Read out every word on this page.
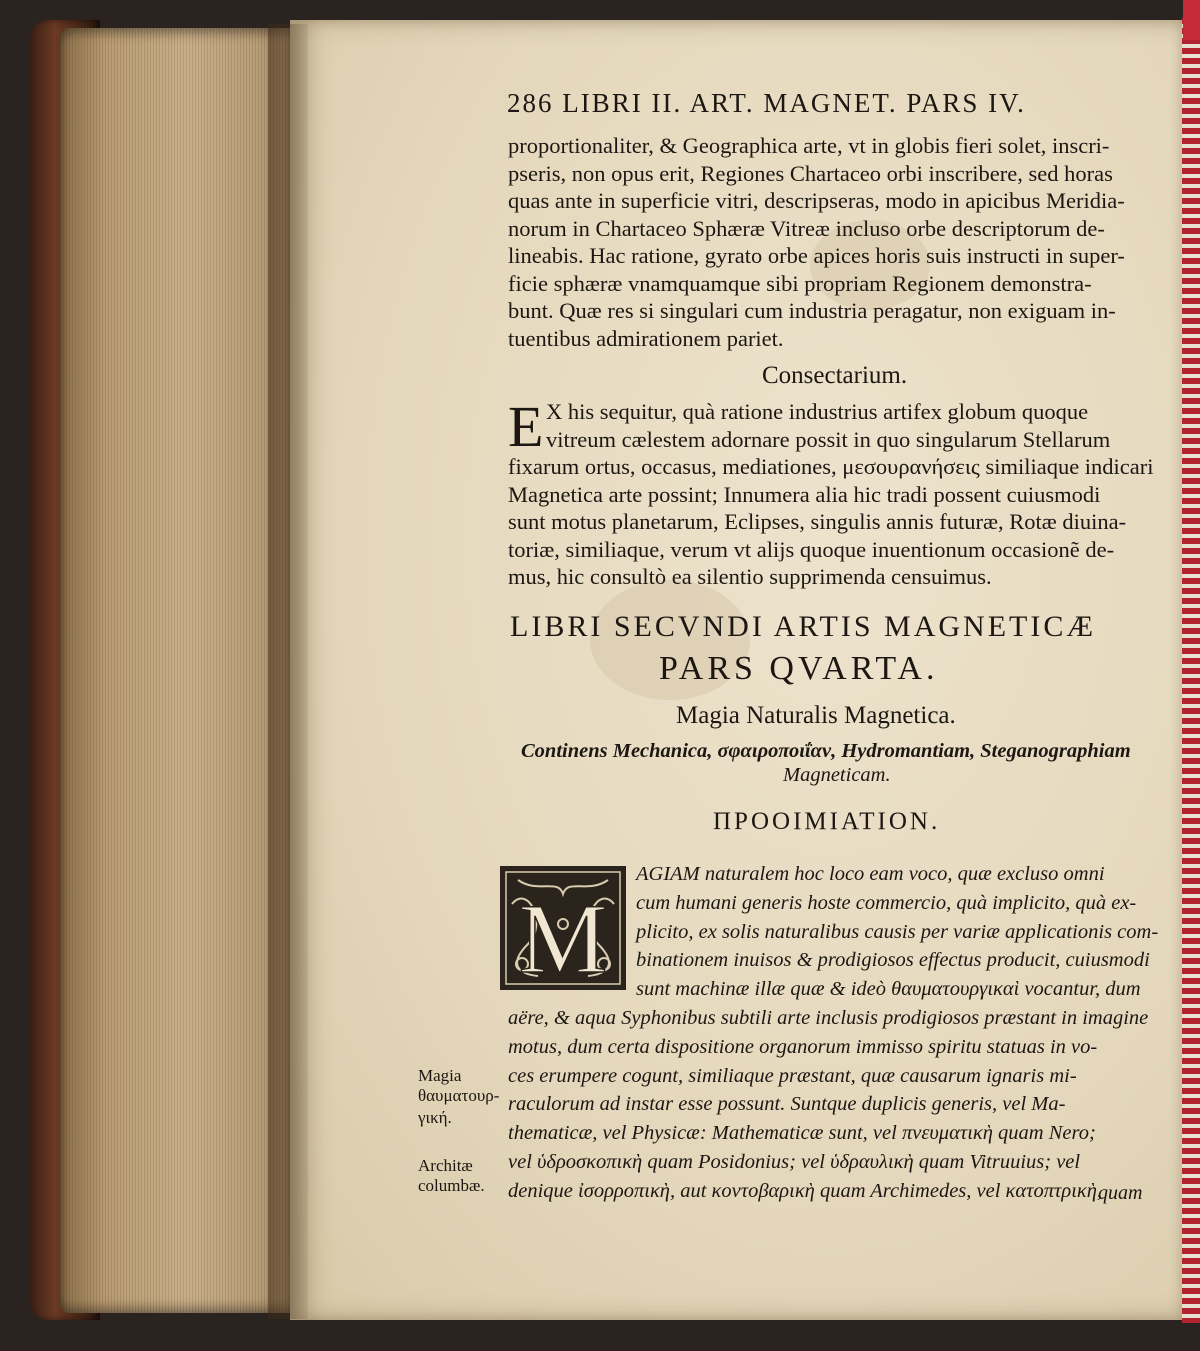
286 LIBRI II. ART. MAGNET. PARS IV.
proportionaliter, & Geographica arte, vt in globis fieri solet, inscri-
pseris, non opus erit, Regiones Chartaceo orbi inscribere, sed horas
quas ante in superficie vitri, descripseras, modo in apicibus Meridia-
norum in Chartaceo Sphæræ Vitreæ incluso orbe descriptorum de-
lineabis. Hac ratione, gyrato orbe apices horis suis instructi in super-
ficie sphæræ vnamquamque sibi propriam Regionem demonstra-
bunt. Quæ res si singulari cum industria peragatur, non exiguam in-
tuentibus admirationem pariet.
Consectarium.
E X his sequitur, quà ratione industrius artifex globum quoque
vitreum cælestem adornare possit in quo singularum Stellarum
fixarum ortus, occasus, mediationes, μεσουρανήσεις similiaque indicari
Magnetica arte possint; Innumera alia hic tradi possent cuiusmodi
sunt motus planetarum, Eclipses, singulis annis futuræ, Rotæ diuina-
toriæ, similiaque, verum vt alijs quoque inuentionum occasionẽ de-
mus, hic consultò ea silentio supprimenda censuimus.
LIBRI SECVNDI ARTIS MAGNETICÆ
PARS QVARTA.
Magia Naturalis Magnetica.
Continens Mechanica, σφαιροποιΐαν, Hydromantiam, Steganographiam
Magneticam.
ΠΡΟΟΙΜΙΑΤΙΟΝ.
M
AGIAM naturalem hoc loco eam voco, quæ excluso omni
cum humani generis hoste commercio, quà implicito, quà ex-
plicito, ex solis naturalibus causis per variæ applicationis com-
binationem inuisos & prodigiosos effectus producit, cuiusmodi
sunt machinæ illæ quæ & ideò θαυματουργικαὶ vocantur, dum
aëre, & aqua Syphonibus subtili arte inclusis prodigiosos præstant in imagine
motus, dum certa dispositione organorum immisso spiritu statuas in vo-
ces erumpere cogunt, similiaque præstant, quæ causarum ignaris mi-
raculorum ad instar esse possunt. Suntque duplicis generis, vel Ma-
thematicæ, vel Physicæ: Mathematicæ sunt, vel πνευματικὴ quam Nero;
vel ὑδροσκοπικὴ quam Posidonius; vel ὑδραυλικὴ quam Vitruuius; vel
denique ἰσορροπικὴ, aut κοντοβαρικὴ quam Archimedes, vel κατοπτρικὴ,
quam
Magia
θαυματουρ-
γική.
Architæ
columbæ.
